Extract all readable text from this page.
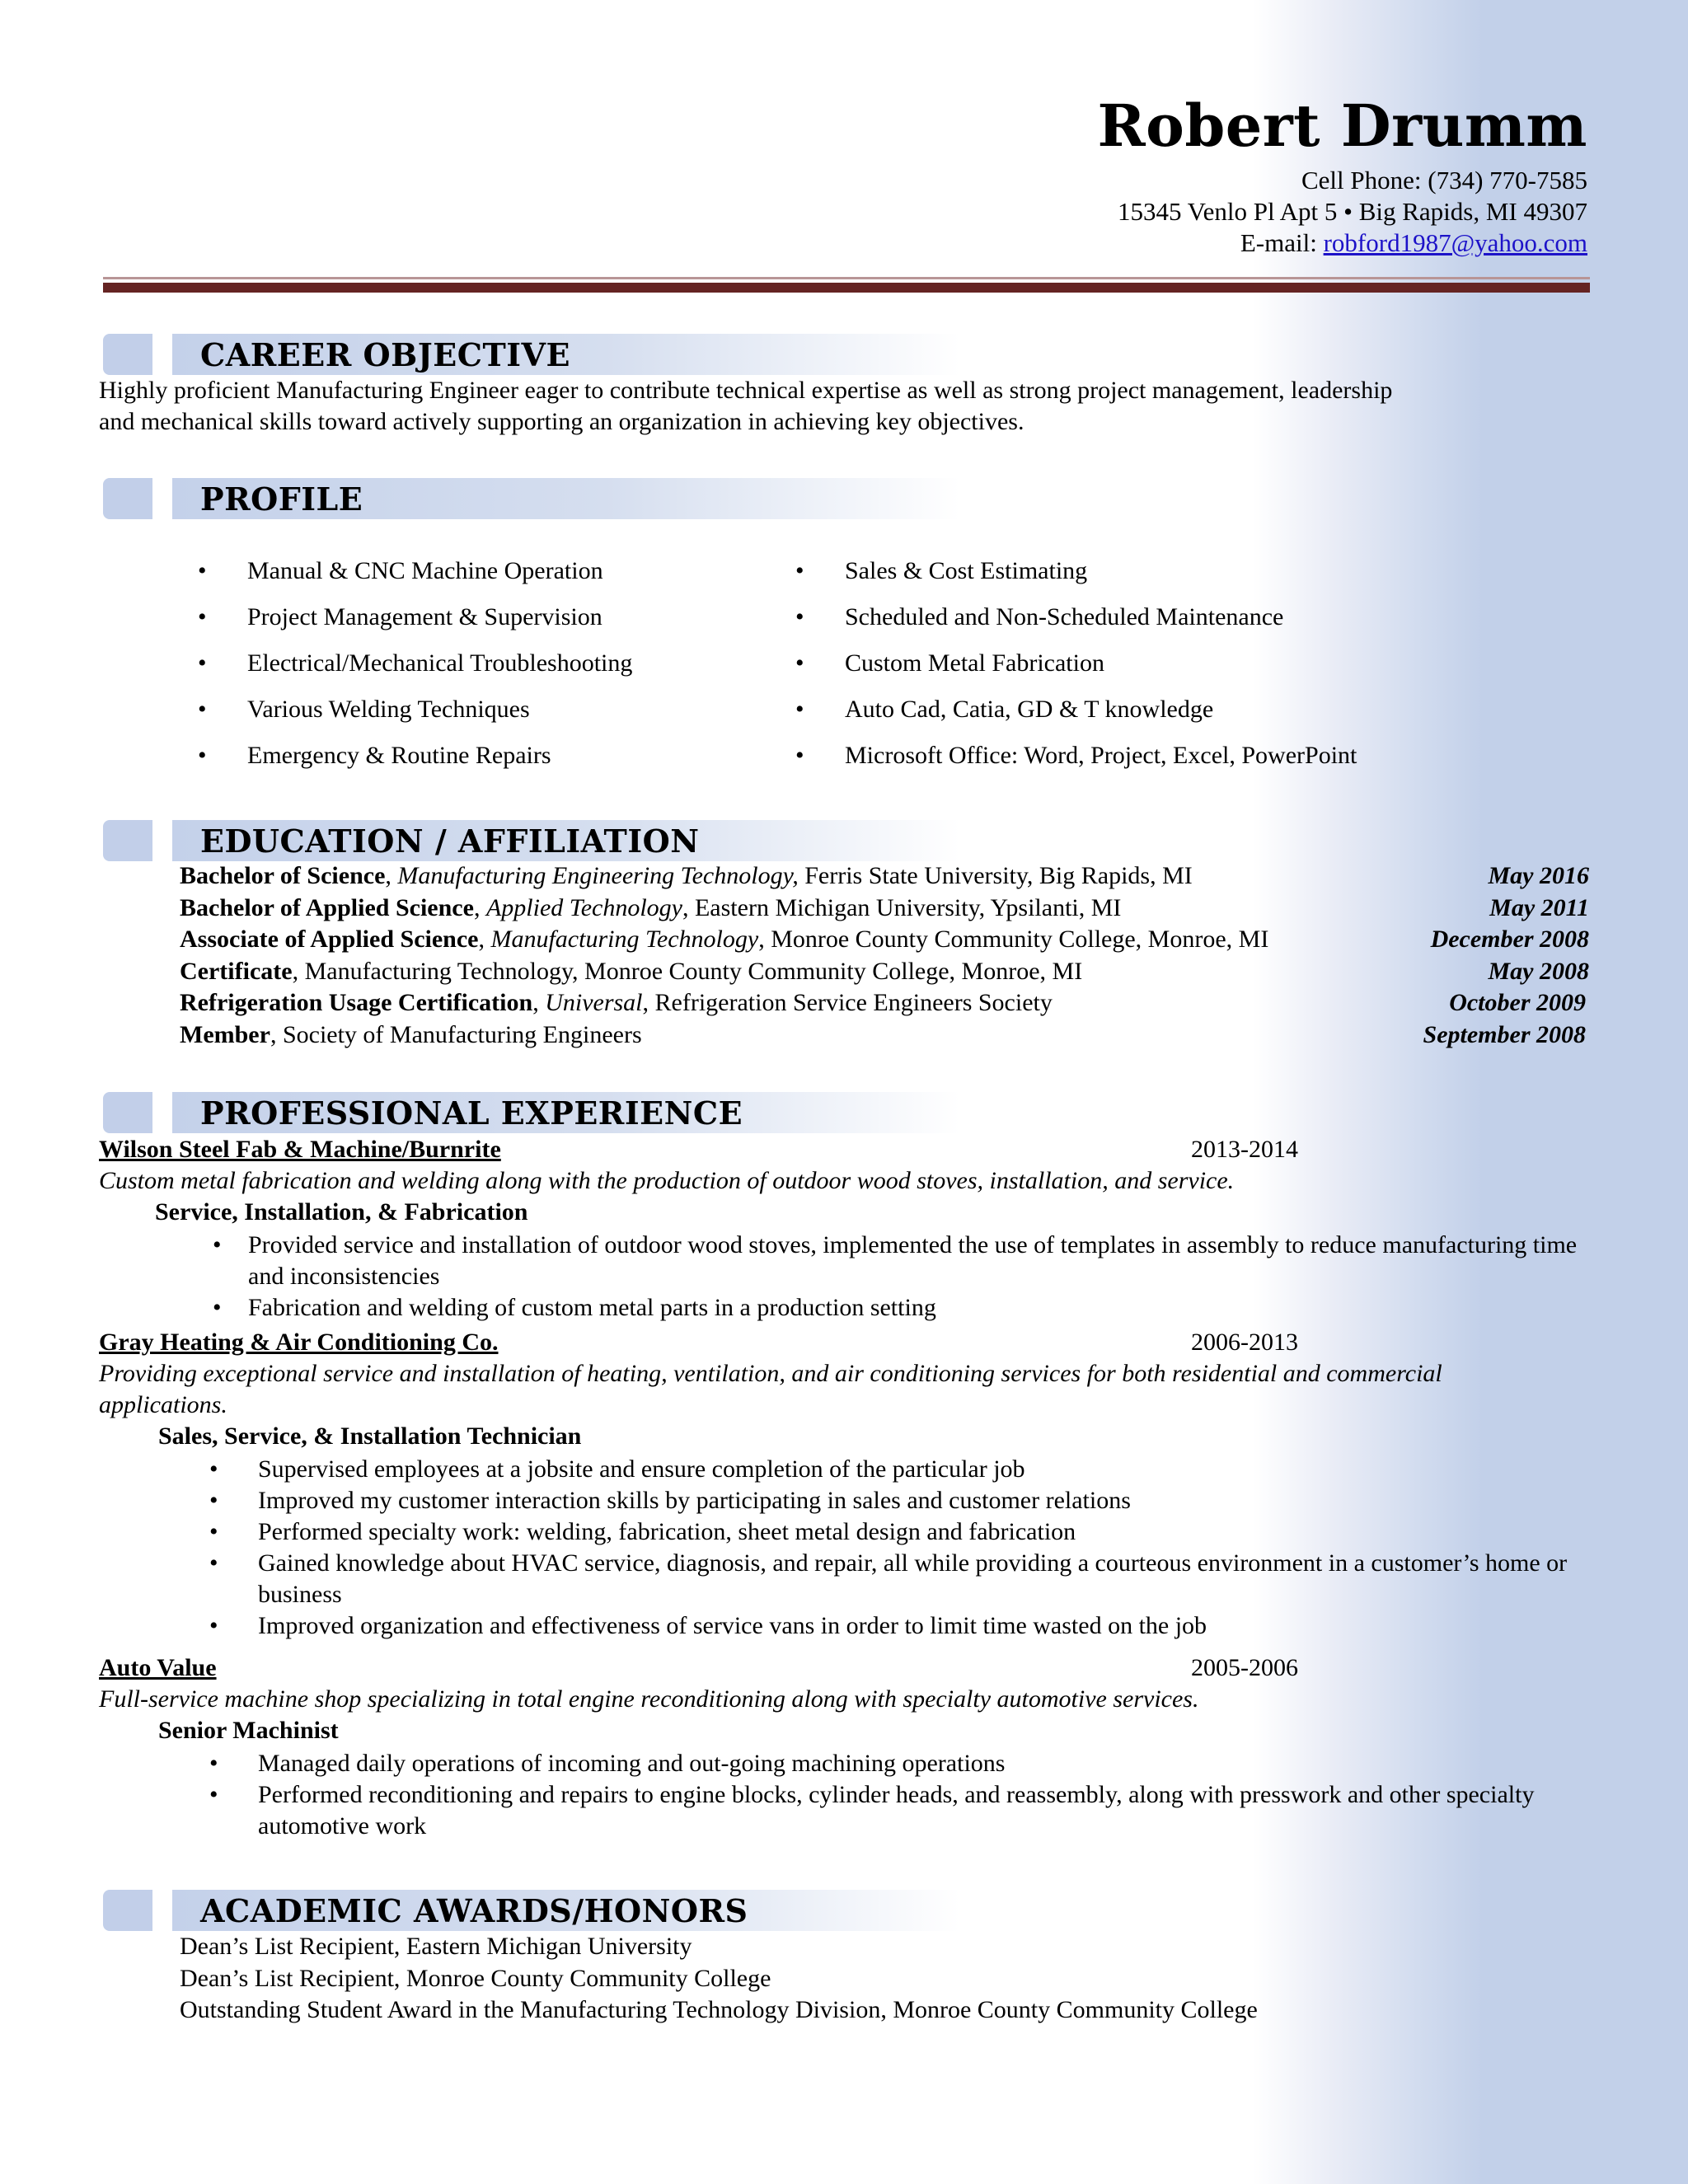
Robert Drumm
Cell Phone: (734) 770-7585
15345 Venlo Pl Apt 5 • Big Rapids, MI 49307
E-mail: robford1987@yahoo.com
CAREER OBJECTIVE
Highly proficient Manufacturing Engineer eager to contribute technical expertise as well as strong project management, leadership
and mechanical skills toward actively supporting an organization in achieving key objectives.
PROFILE
• Manual & CNC Machine Operation
• Project Management & Supervision
• Electrical/Mechanical Troubleshooting
• Various Welding Techniques
• Emergency & Routine Repairs
• Sales & Cost Estimating
• Scheduled and Non-Scheduled Maintenance
• Custom Metal Fabrication
• Auto Cad, Catia, GD & T knowledge
• Microsoft Office: Word, Project, Excel, PowerPoint
EDUCATION / AFFILIATION
Bachelor of Science, Manufacturing Engineering Technology, Ferris State University, Big Rapids, MI	May 2016
Bachelor of Applied Science, Applied Technology, Eastern Michigan University, Ypsilanti, MI	May 2011
Associate of Applied Science, Manufacturing Technology, Monroe County Community College, Monroe, MI	December 2008
Certificate, Manufacturing Technology, Monroe County Community College, Monroe, MI	May 2008
Refrigeration Usage Certification, Universal, Refrigeration Service Engineers Society	October 2009
Member, Society of Manufacturing Engineers	September 2008
PROFESSIONAL EXPERIENCE
Wilson Steel Fab & Machine/Burnrite	2013-2014
Custom metal fabrication and welding along with the production of outdoor wood stoves, installation, and service.
Service, Installation, & Fabrication
• Provided service and installation of outdoor wood stoves, implemented the use of templates in assembly to reduce manufacturing time and inconsistencies
• Fabrication and welding of custom metal parts in a production setting
Gray Heating & Air Conditioning Co.	2006-2013
Providing exceptional service and installation of heating, ventilation, and air conditioning services for both residential and commercial applications.
Sales, Service, & Installation Technician
• Supervised employees at a jobsite and ensure completion of the particular job
• Improved my customer interaction skills by participating in sales and customer relations
• Performed specialty work: welding, fabrication, sheet metal design and fabrication
• Gained knowledge about HVAC service, diagnosis, and repair, all while providing a courteous environment in a customer’s home or business
• Improved organization and effectiveness of service vans in order to limit time wasted on the job
Auto Value	2005-2006
Full-service machine shop specializing in total engine reconditioning along with specialty automotive services.
Senior Machinist
• Managed daily operations of incoming and out-going machining operations
• Performed reconditioning and repairs to engine blocks, cylinder heads, and reassembly, along with presswork and other specialty automotive work
ACADEMIC AWARDS/HONORS
Dean’s List Recipient, Eastern Michigan University
Dean’s List Recipient, Monroe County Community College
Outstanding Student Award in the Manufacturing Technology Division, Monroe County Community College
